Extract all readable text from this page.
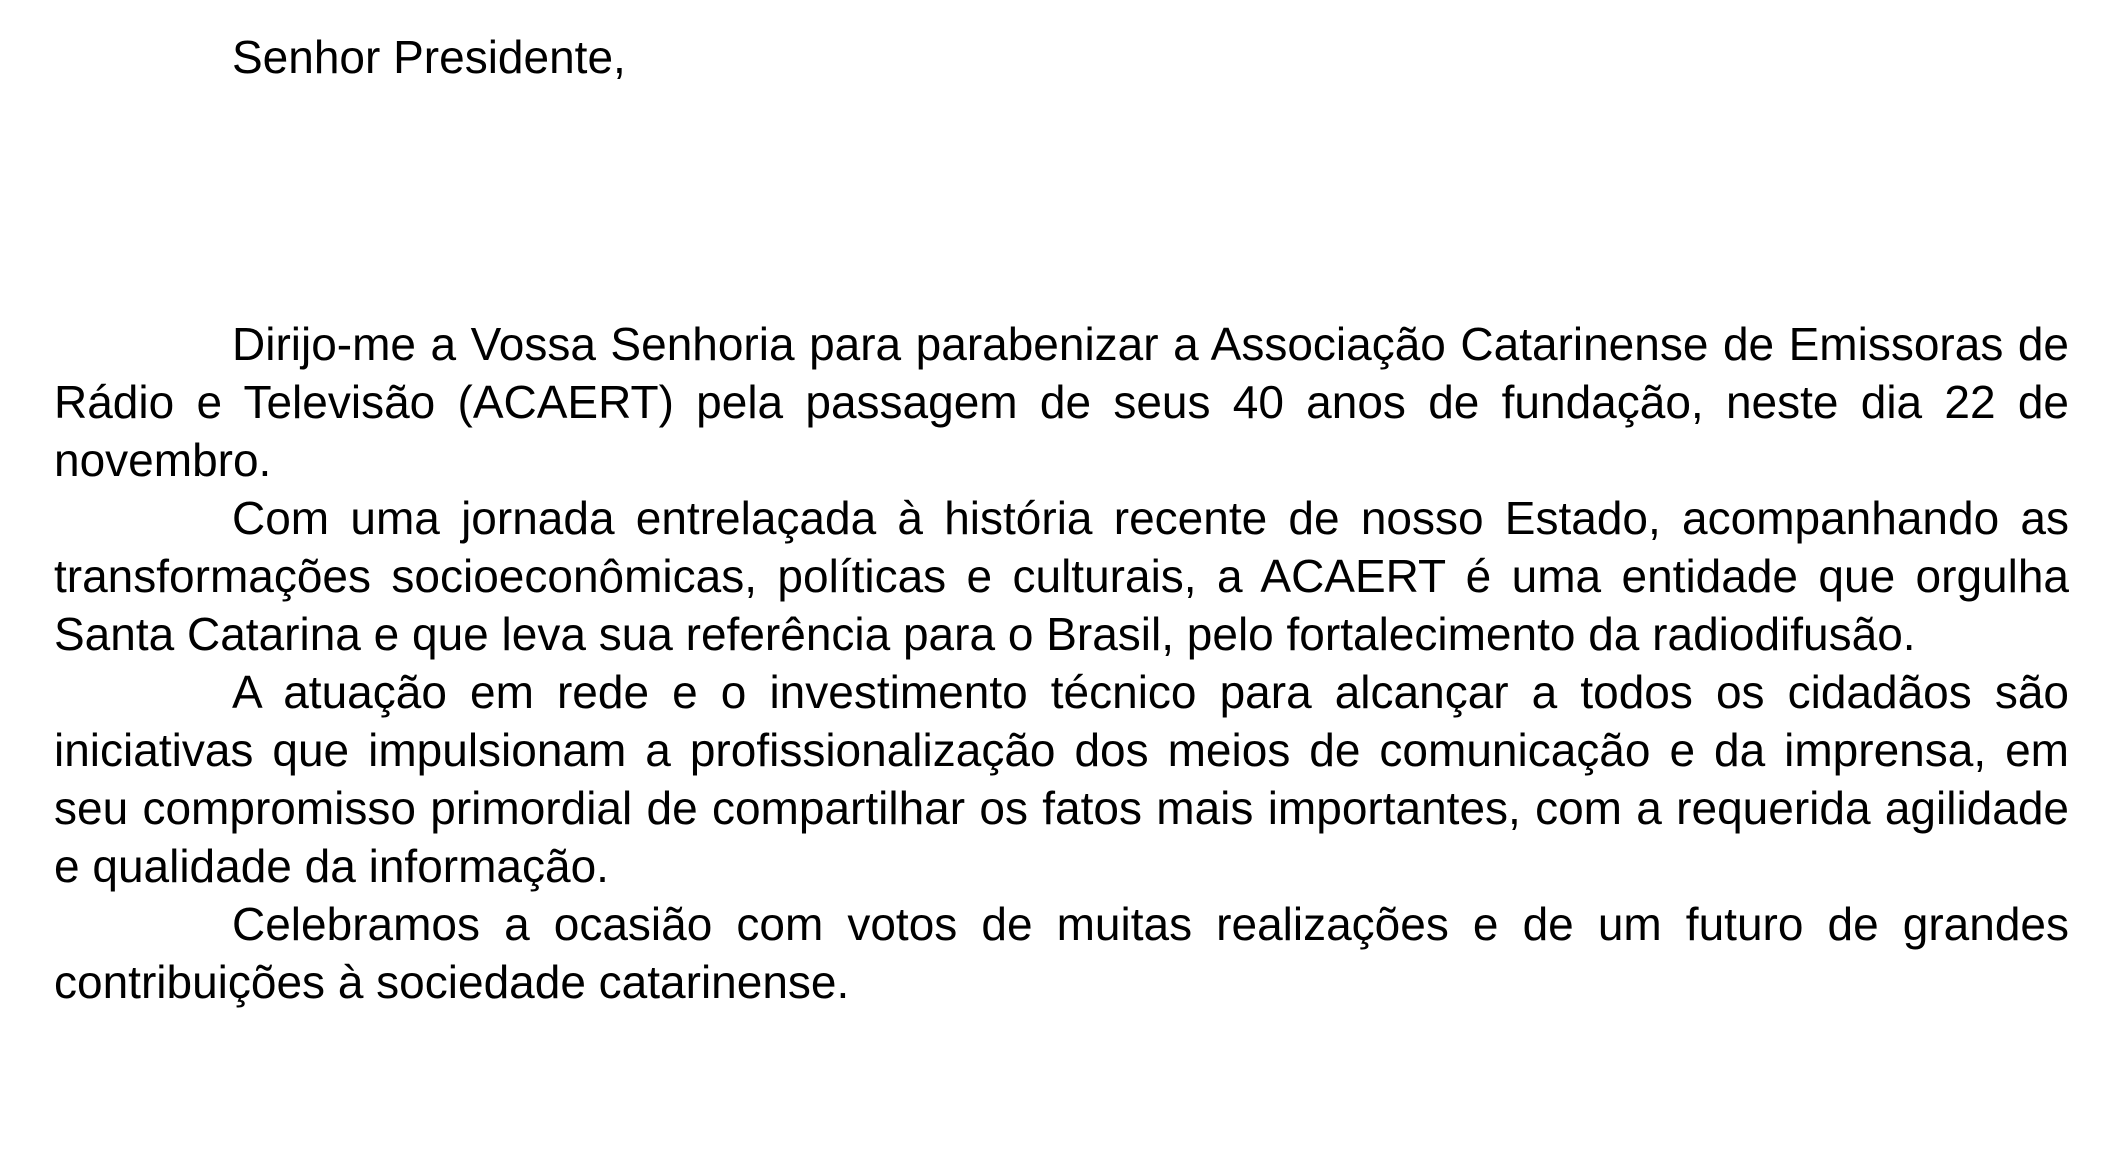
Senhor Presidente,

Dirijo-me a Vossa Senhoria para parabenizar a Associação Catarinense de Emissoras de Rádio e Televisão (ACAERT) pela passagem de seus 40 anos de fundação, neste dia 22 de novembro.

Com uma jornada entrelaçada à história recente de nosso Estado, acompanhando as transformações socioeconômicas, políticas e culturais, a ACAERT é uma entidade que orgulha Santa Catarina e que leva sua referência para o Brasil, pelo fortalecimento da radiodifusão.

A atuação em rede e o investimento técnico para alcançar a todos os cidadãos são iniciativas que impulsionam a profissionalização dos meios de comunicação e da imprensa, em seu compromisso primordial de compartilhar os fatos mais importantes, com a requerida agilidade e qualidade da informação.

Celebramos a ocasião com votos de muitas realizações e de um futuro de grandes contribuições à sociedade catarinense.
